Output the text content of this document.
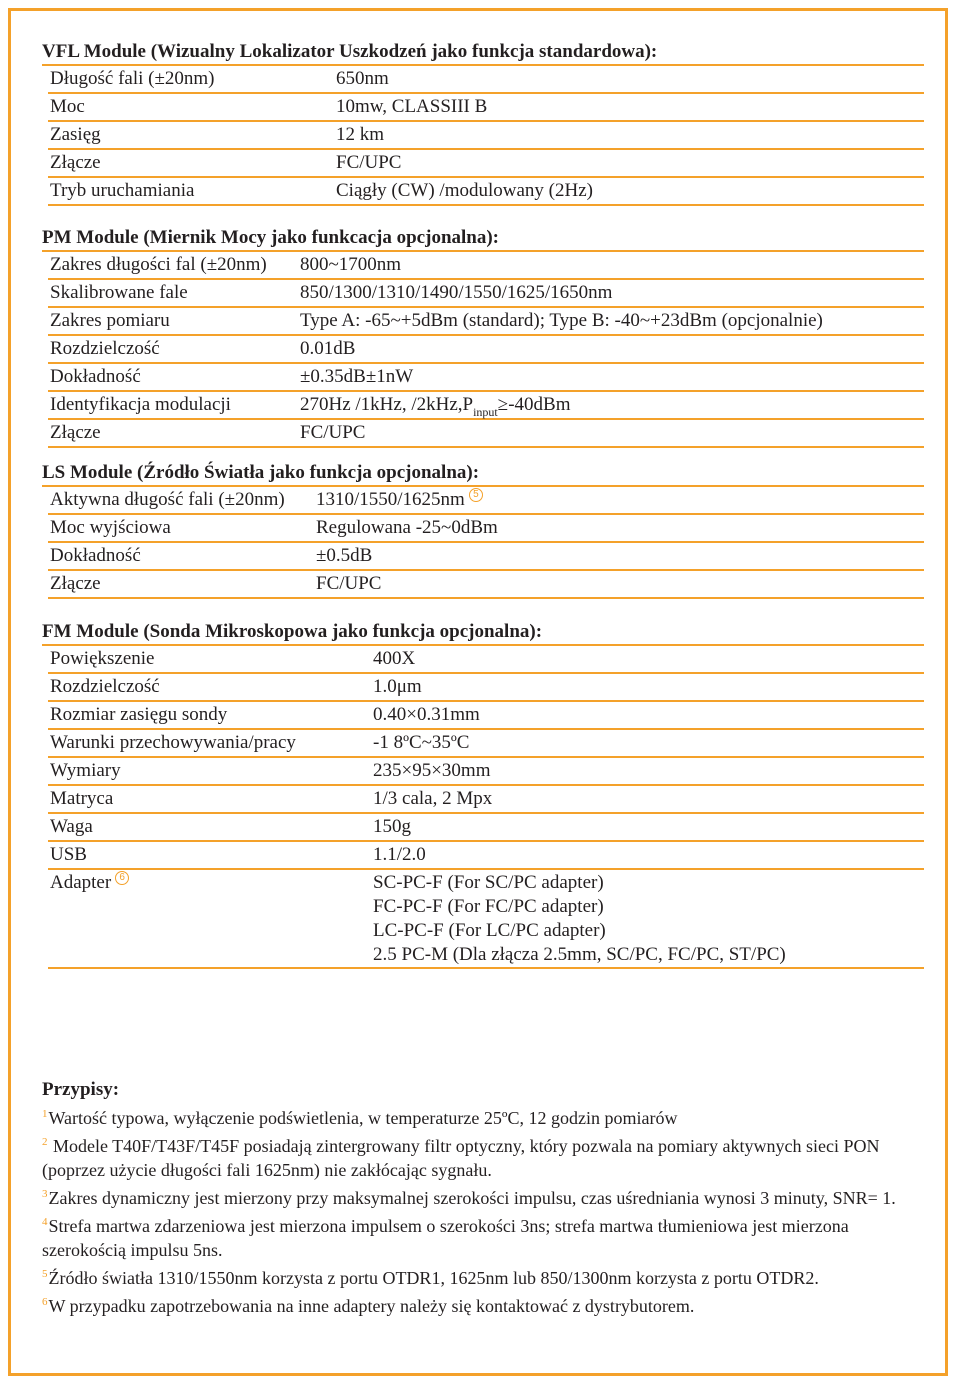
VFL Module (Wizualny Lokalizator Uszkodzeń jako funkcja standardowa):
Długość fali (±20nm)	650nm
Moc	10mw, CLASSIII B
Zasięg	12 km
Złącze	FC/UPC
Tryb uruchamiania	Ciągły (CW) /modulowany (2Hz)
PM Module (Miernik Mocy jako funkcacja opcjonalna):
Zakres długości fal (±20nm) 800~1700nm
Skalibrowane fale	850/1300/1310/1490/1550/1625/1650nm
Zakres pomiaru	Type A: -65~+5dBm (standard); Type B: -40~+23dBm (opcjonalnie)
Rozdzielczość	0.01dB
Dokładność	±0.35dB±1nW
Identyfikacja modulacji	270Hz /1kHz, $/2kHz,P_{input}\ge-40dBm$
Złącze	FC/UPC
LS Module (Źródło Światła jako funkcja opcjonalna):
Aktywna długość fali (±20nm) 1310/1550/1625nm 5
Moc wyjściowa	Regulowana -25~0dBm
Dokładność	±0.5dB
Złącze	FC/UPC
FM Module (Sonda Mikroskopowa jako funkcja opcjonalna):
Powiększenie	400X
Rozdzielczość	1.0μm
Rozmiar zasięgu sondy	0.40×0.31mm
Warunki przechowywania/pracy	-1 8ºC~35ºC
Wymiary	235×95×30mm
Matryca	1/3 cala, 2 Mpx
Waga	150g
USB	1.1/2.0
Adapter 6	SC-PC-F (For SC/PC adapter)
FC-PC-F (For FC/PC adapter)
LC-PC-F (For LC/PC adapter)
2.5 PC-M (Dla złącza 2.5mm, SC/PC, FC/PC, ST/PC)
Przypisy:

$^1$Wartość typowa, wyłączenie podświetlenia, w temperaturze 25ºC, 12 godzin pomiarów

$^2$ Modele T40F/T43F/T45F posiadają zintergrowany filtr optyczny, który pozwala na pomiary aktywnych sieci PON (poprzez użycie długości fali 1625nm) nie zakłócając sygnału.

$^3$Zakres dynamiczny jest mierzony przy maksymalnej szerokości impulsu, czas uśredniania wynosi 3 minuty, SNR= 1.

$^4$Strefa martwa zdarzeniowa jest mierzona impulsem o szerokości 3ns; strefa martwa tłumieniowa jest mierzona szerokością impulsu 5ns.

$^5$Źródło światła 1310/1550nm korzysta z portu OTDR1, 1625nm lub 850/1300nm korzysta z portu OTDR2.

$^6$W przypadku zapotrzebowania na inne adaptery należy się kontaktować z dystrybutorem.
